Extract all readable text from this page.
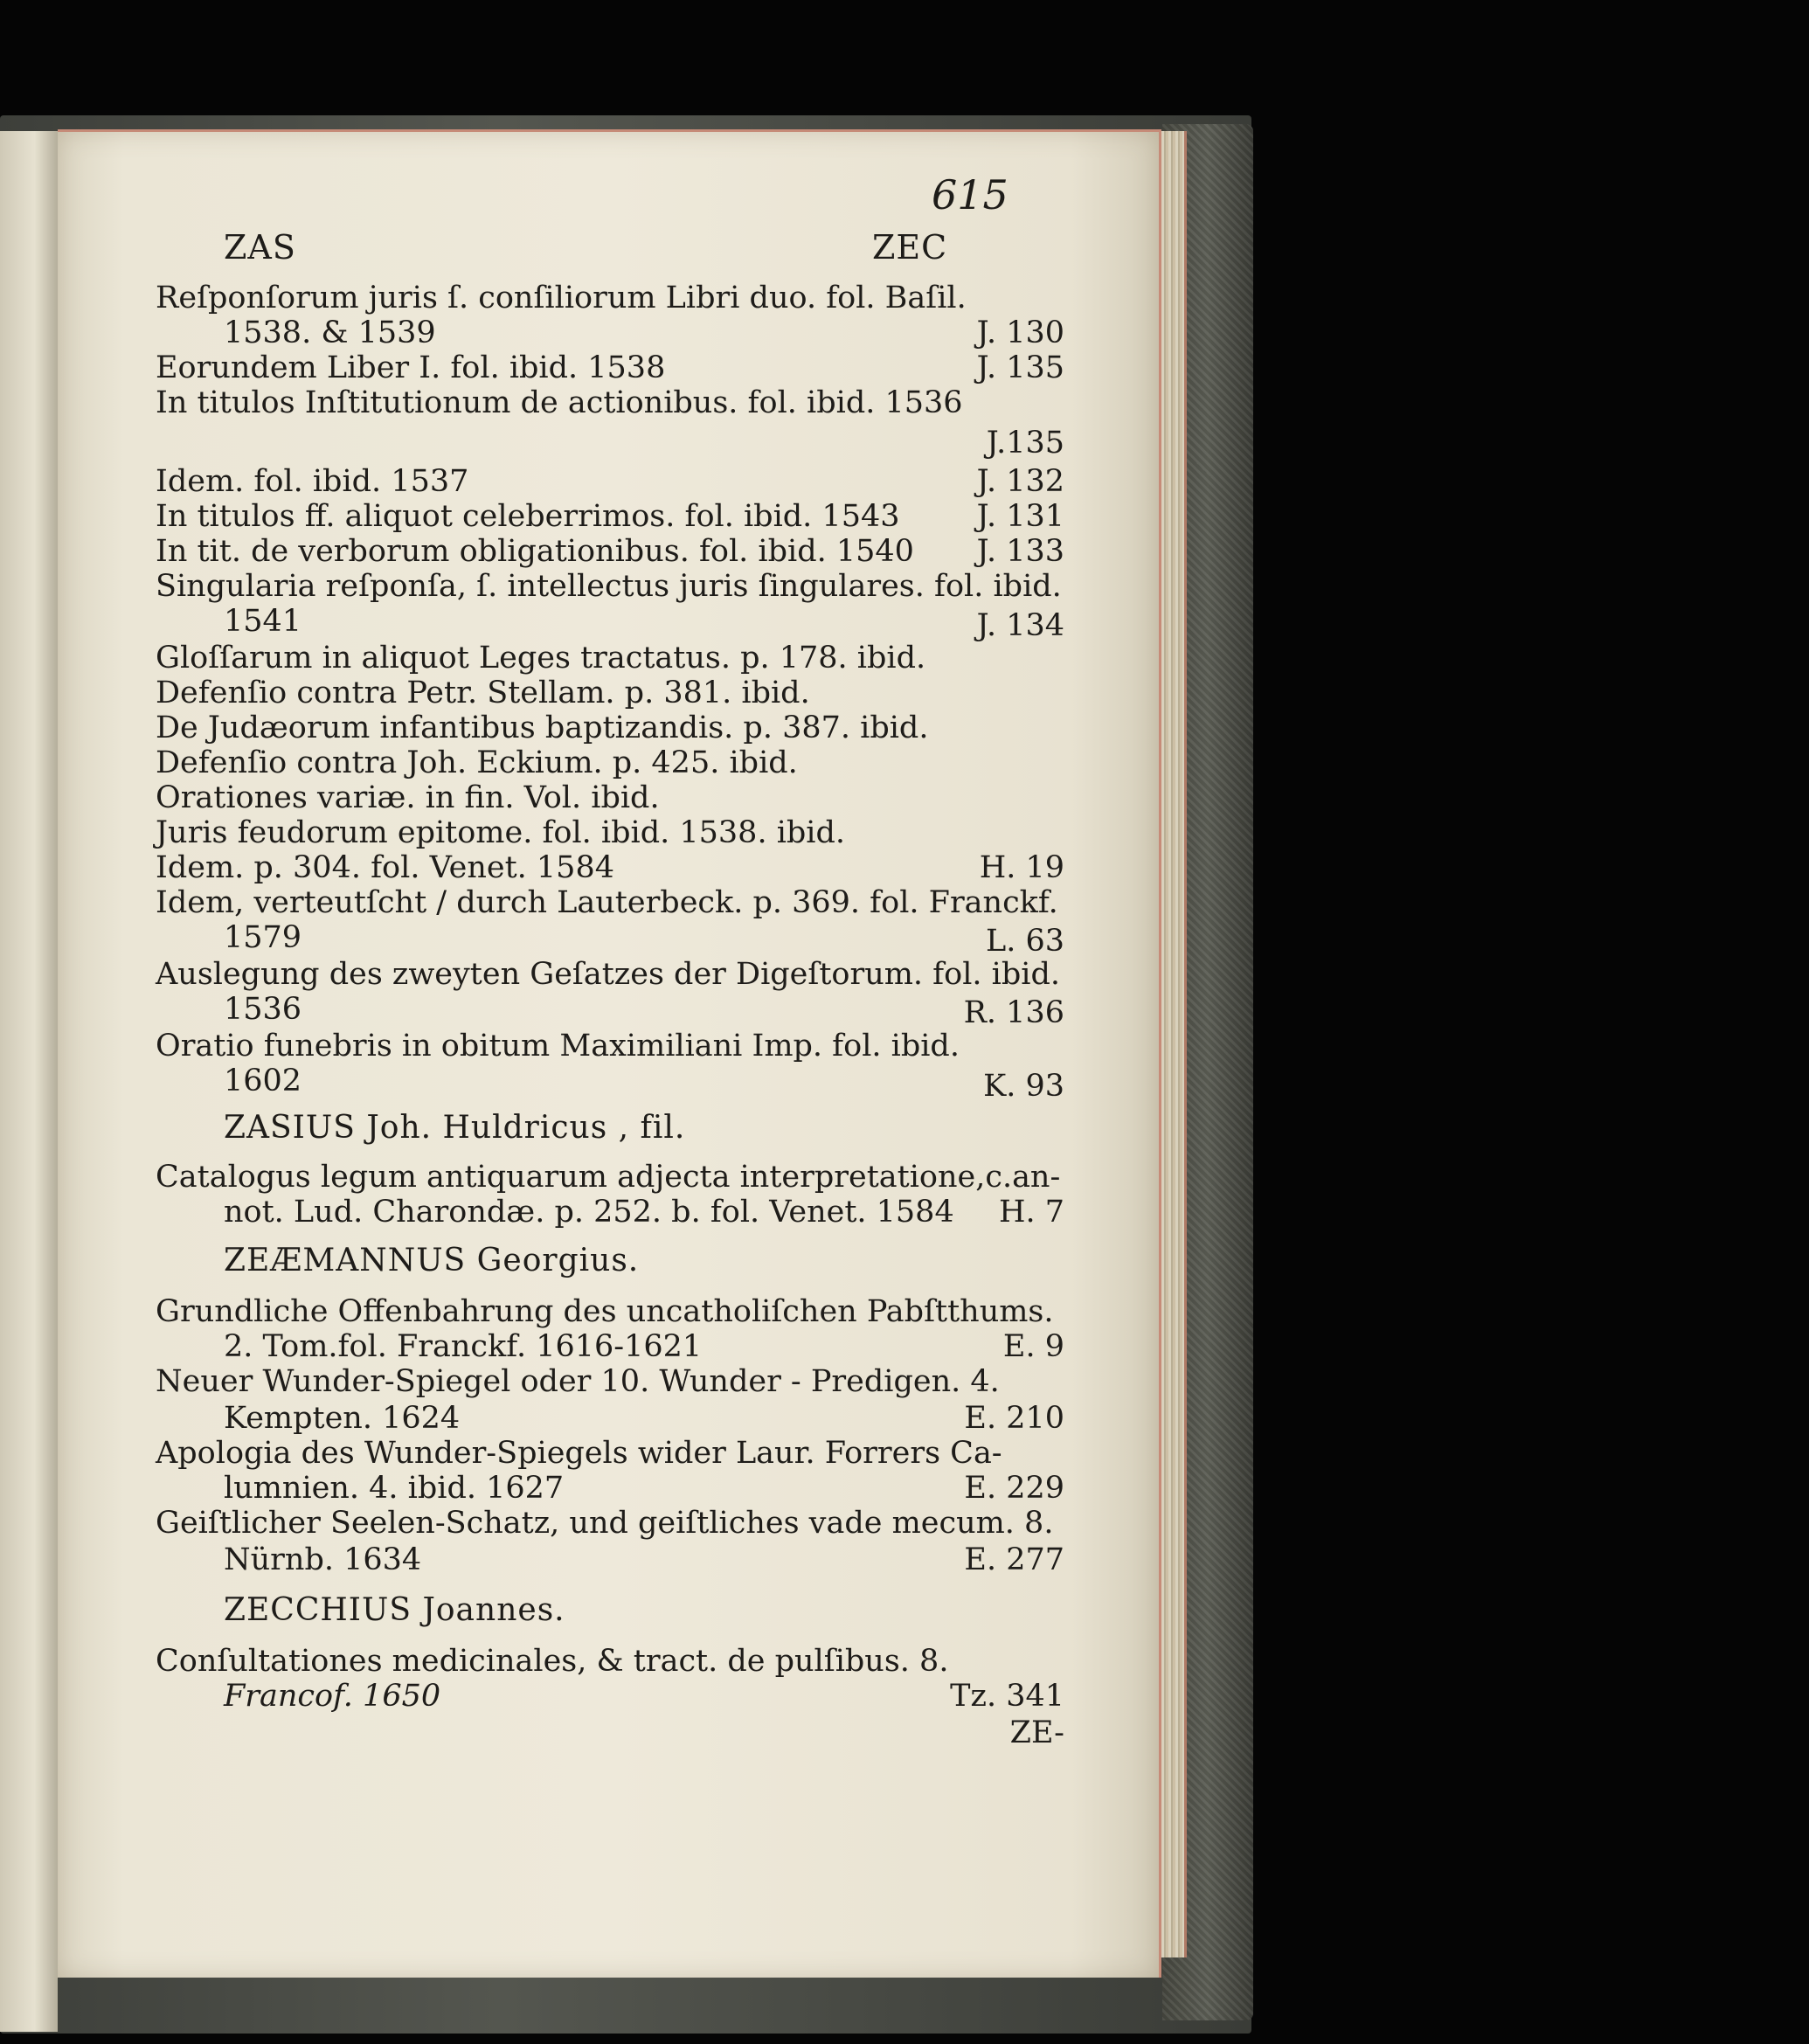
615
ZAS	ZEC
Reſponſorum juris ſ. conſiliorum Libri duo. fol. Baſil.
1538. & 1539	J. 130
Eorundem Liber I. fol. ibid. 1538	J. 135
In titulos Inſtitutionum de actionibus. fol. ibid. 1536
J.135
Idem. fol. ibid. 1537	J. 132
In titulos ff. aliquot celeberrimos. fol. ibid. 1543	J. 131
In tit. de verborum obligationibus. fol. ibid. 1540 J. 133
Singularia reſponſa, ſ. intellectus juris ſingulares. fol. ibid.
1541	J. 134
Gloſſarum in aliquot Leges tractatus. p. 178. ibid.
Defenſio contra Petr. Stellam. p. 381. ibid.
De Judæorum infantibus baptizandis. p. 387. ibid.
Defenſio contra Joh. Eckium. p. 425. ibid.
Orationes variæ. in fin. Vol. ibid.
Juris feudorum epitome. fol. ibid. 1538. ibid.
Idem. p. 304. fol. Venet. 1584	H. 19
Idem, verteutſcht / durch Lauterbeck. p. 369. fol. Franckf.
1579	L. 63
Auslegung des zweyten Geſatzes der Digeſtorum. fol. ibid.
1536	R. 136
Oratio funebris in obitum Maximiliani Imp. fol. ibid.
1602	K. 93
ZASIUS Joh. Huldricus , fil.
Catalogus legum antiquarum adjecta interpretatione,c.an-
not. Lud. Charondæ. p. 252. b. fol. Venet. 1584 H. 7
ZEÆMANNUS Georgius.
Grundliche Offenbahrung des uncatholiſchen Pabſtthums.
2. Tom.fol. Franckf. 1616-1621	E. 9
Neuer Wunder-Spiegel oder 10. Wunder - Predigen. 4.
Kempten. 1624	E. 210
Apologia des Wunder-Spiegels wider Laur. Forrers Ca-
lumnien. 4. ibid. 1627	E. 229
Geiſtlicher Seelen-Schatz, und geiſtliches vade mecum. 8.
Nürnb. 1634	E. 277
ZECCHIUS Joannes.
Conſultationes medicinales, & tract. de pulſibus. 8.
Francof. 1650	Tz. 341
ZE-
